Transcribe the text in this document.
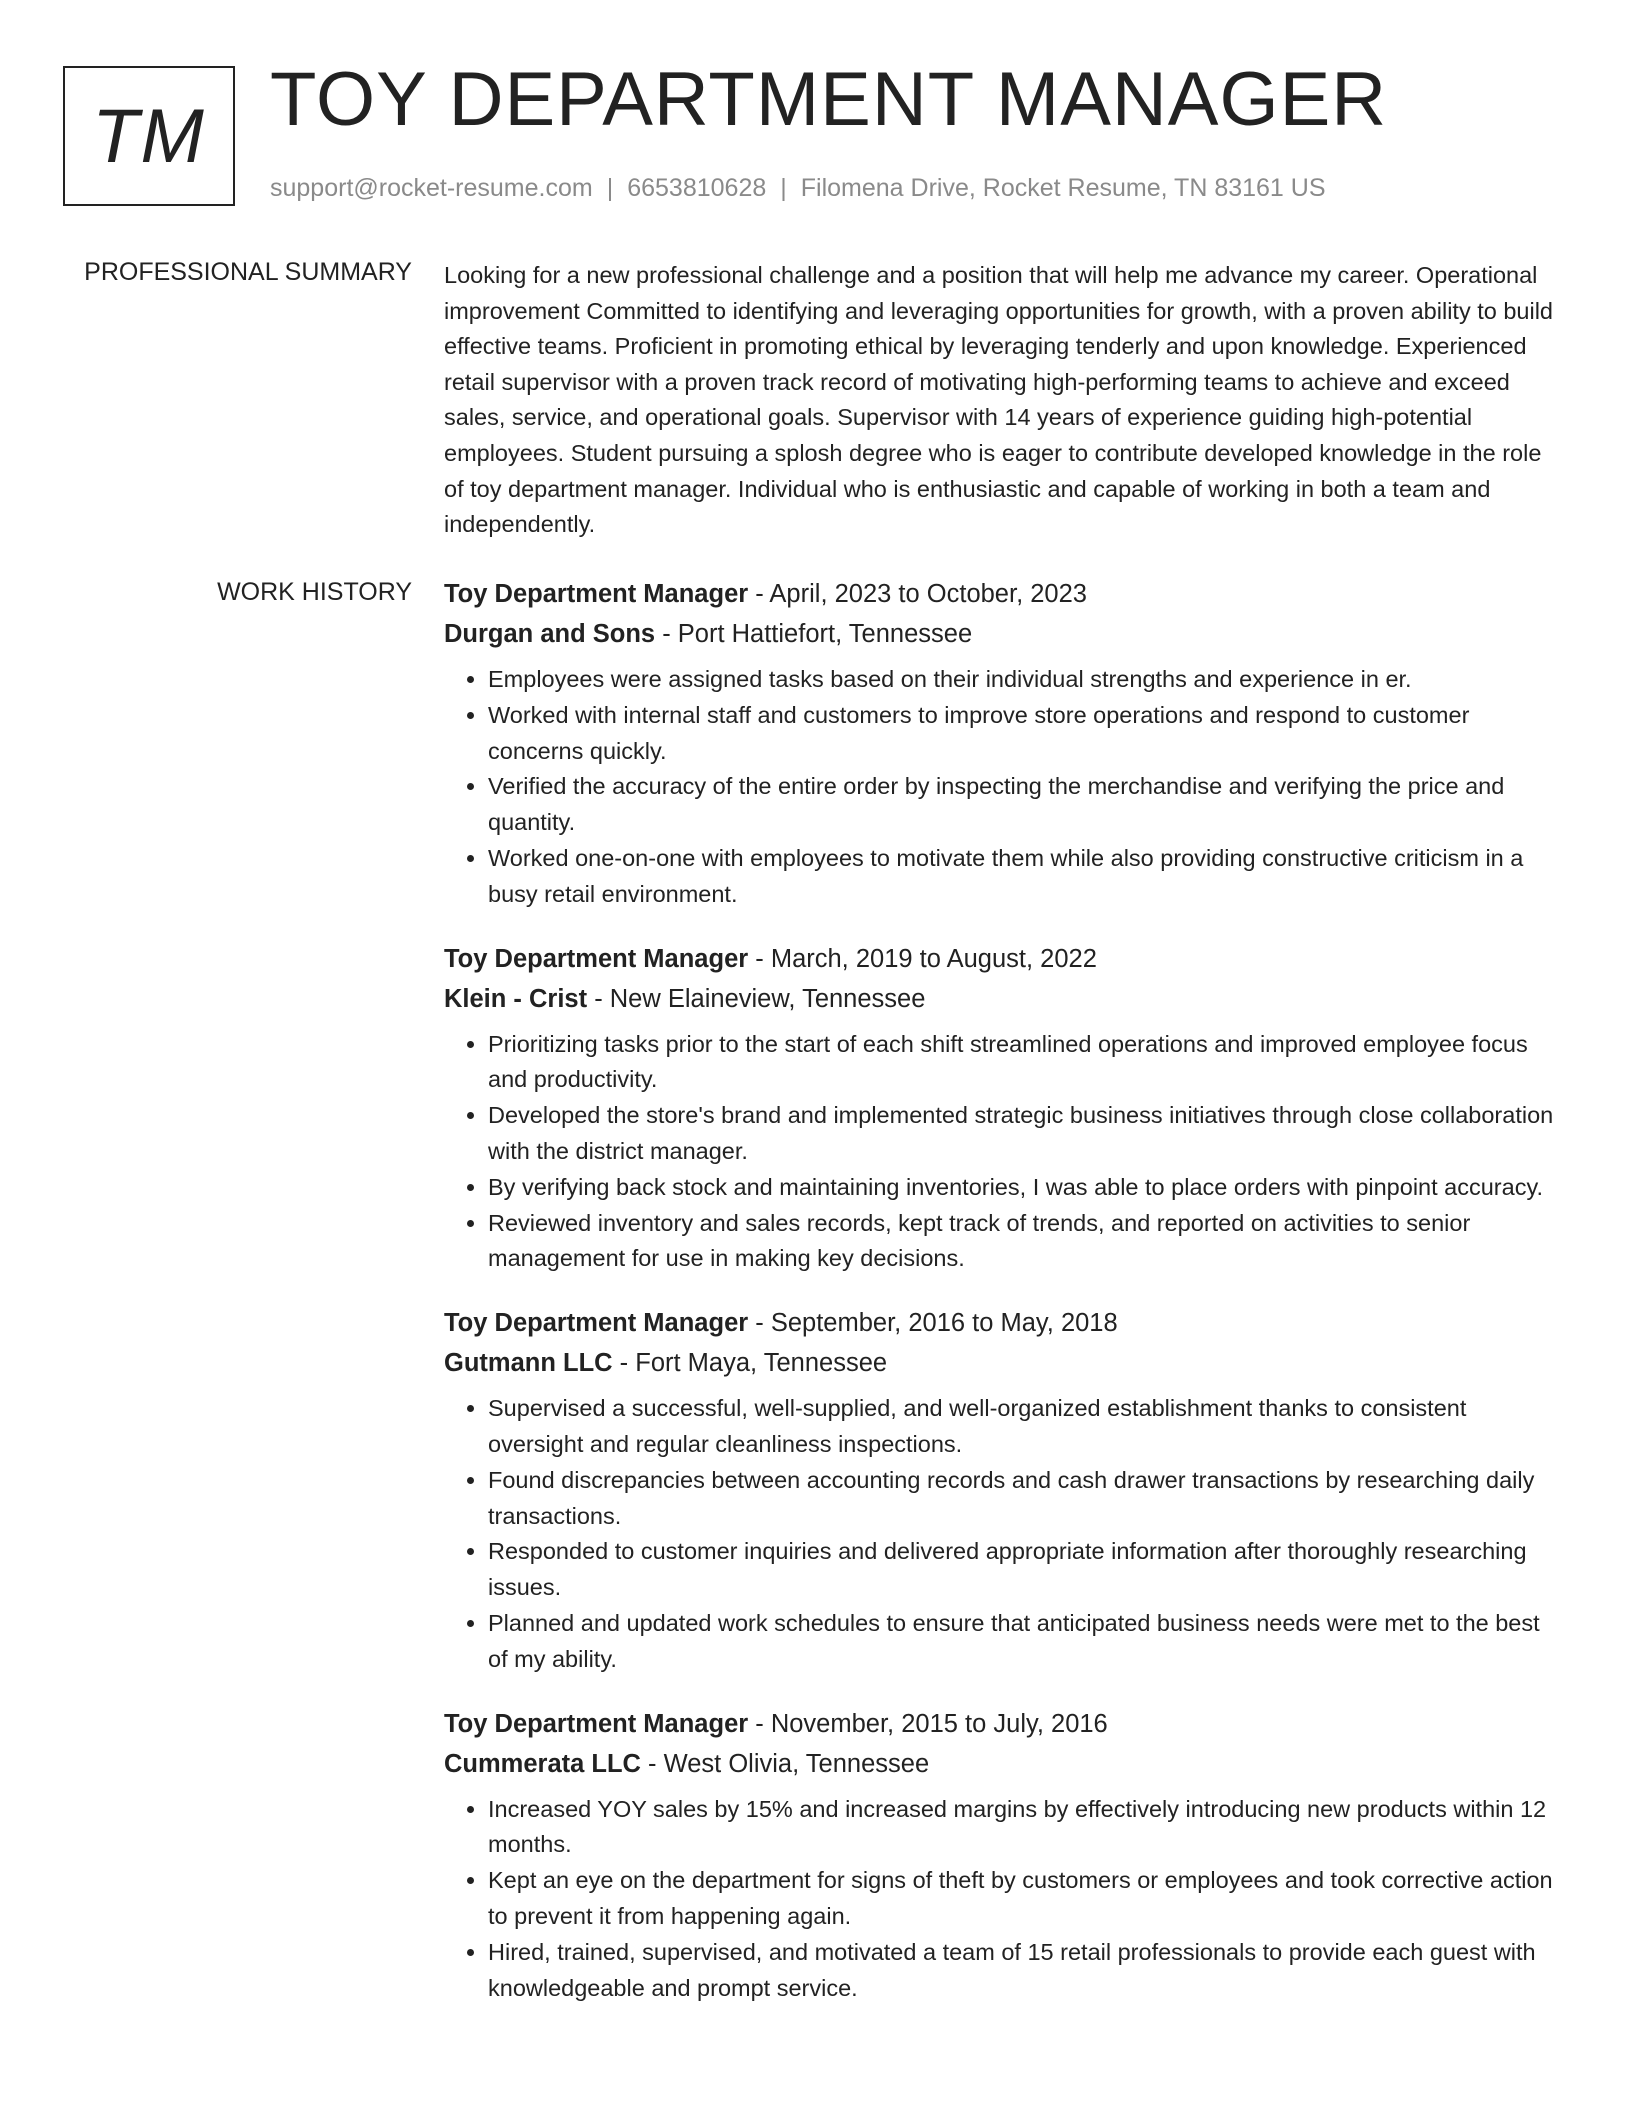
TM TOY DEPARTMENT MANAGER
support@rocket-resume.com | 6653810628 | Filomena Drive, Rocket Resume, TN 83161 US
PROFESSIONAL SUMMARY Looking for a new professional challenge and a position that will help me advance my career. Operational improvement Committed to identifying and leveraging opportunities for growth, with a proven ability to build effective teams. Proficient in promoting ethical by leveraging tenderly and upon knowledge. Experienced retail supervisor with a proven track record of motivating high-performing teams to achieve and exceed sales, service, and operational goals. Supervisor with 14 years of experience guiding high-potential employees. Student pursuing a splosh degree who is eager to contribute developed knowledge in the role of toy department manager. Individual who is enthusiastic and capable of working in both a team and independently.

WORK HISTORY Toy Department Manager - April, 2023 to October, 2023
Durgan and Sons - Port Hattiefort, Tennessee
• Employees were assigned tasks based on their individual strengths and experience in er.
• Worked with internal staff and customers to improve store operations and respond to customer concerns quickly.
• Verified the accuracy of the entire order by inspecting the merchandise and verifying the price and quantity.
• Worked one-on-one with employees to motivate them while also providing constructive criticism in a busy retail environment.
Toy Department Manager - March, 2019 to August, 2022
Klein - Crist - New Elaineview, Tennessee
• Prioritizing tasks prior to the start of each shift streamlined operations and improved employee focus and productivity.
• Developed the store's brand and implemented strategic business initiatives through close collaboration with the district manager.
• By verifying back stock and maintaining inventories, I was able to place orders with pinpoint accuracy.
• Reviewed inventory and sales records, kept track of trends, and reported on activities to senior management for use in making key decisions.
Toy Department Manager - September, 2016 to May, 2018
Gutmann LLC - Fort Maya, Tennessee
• Supervised a successful, well-supplied, and well-organized establishment thanks to consistent oversight and regular cleanliness inspections.
• Found discrepancies between accounting records and cash drawer transactions by researching daily transactions.
• Responded to customer inquiries and delivered appropriate information after thoroughly researching issues.
• Planned and updated work schedules to ensure that anticipated business needs were met to the best of my ability.
Toy Department Manager - November, 2015 to July, 2016
Cummerata LLC - West Olivia, Tennessee
• Increased YOY sales by 15% and increased margins by effectively introducing new products within 12 months.
• Kept an eye on the department for signs of theft by customers or employees and took corrective action to prevent it from happening again.
• Hired, trained, supervised, and motivated a team of 15 retail professionals to provide each guest with knowledgeable and prompt service.
